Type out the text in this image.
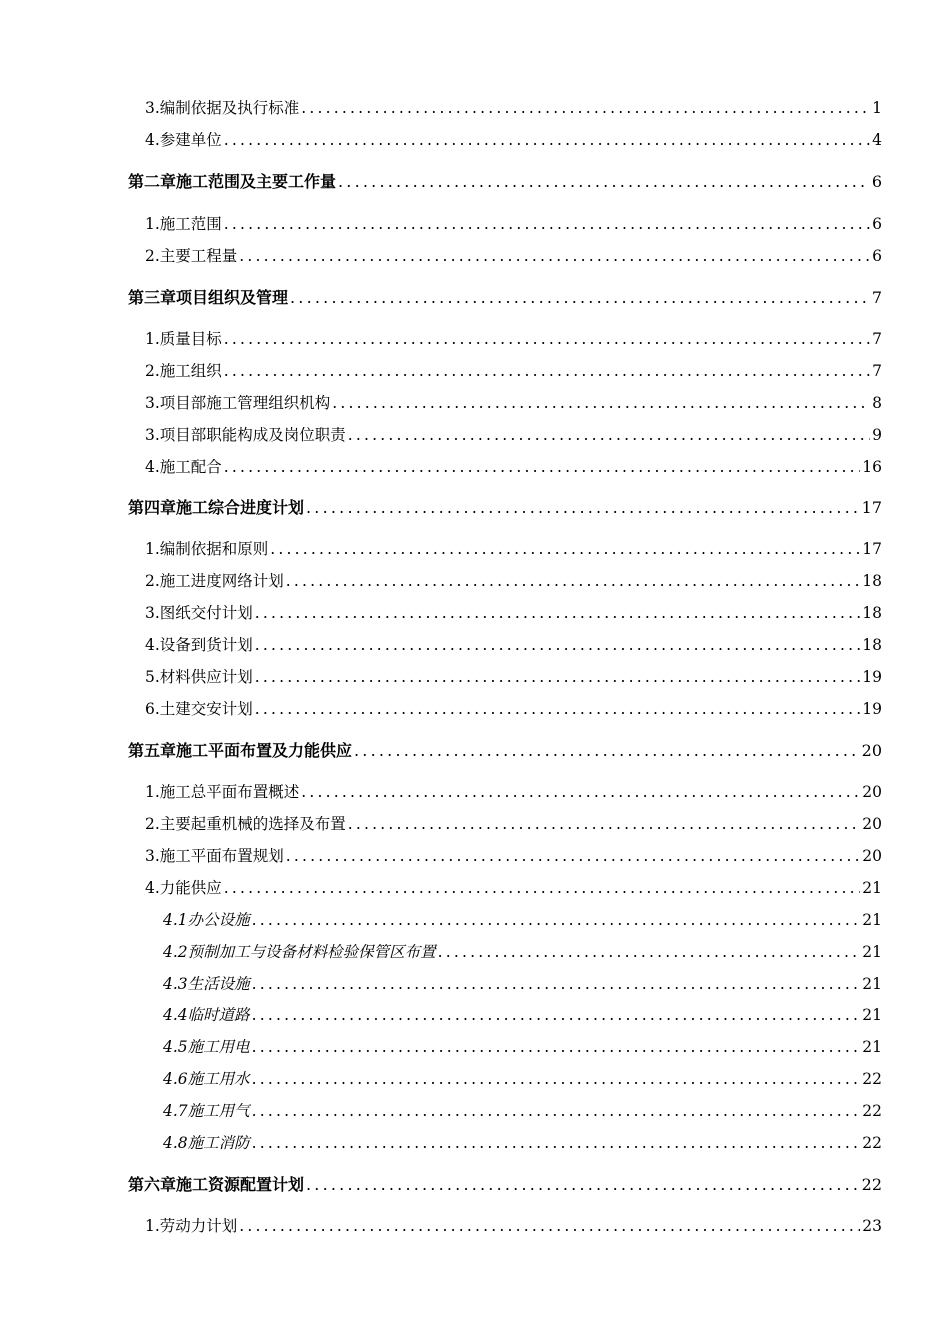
3.编制依据及执行标准 .....	1
4.参建单位 .....	4
第二章施工范围及主要工作量 .....	6
1.施工范围 .....	6
2.主要工程量 .....	6
第三章项目组织及管理 .....	7
1.质量目标 .....	7
2.施工组织 .....	7
3.项目部施工管理组织机构 .....	8
3.项目部职能构成及岗位职责 .....	9
4.施工配合 .....	16
第四章施工综合进度计划 .....	17
1.编制依据和原则 .....	17
2.施工进度网络计划 .....	18
3.图纸交付计划 .....	18
4.设备到货计划 .....	18
5.材料供应计划 .....	19
6.土建交安计划 .....	19
第五章施工平面布置及力能供应 .....	20
1.施工总平面布置概述 .....	20
2.主要起重机械的选择及布置 .....	20
3.施工平面布置规划 .....	20
4.力能供应 .....	21
4.1办公设施 .....	21
4.2预制加工与设备材料检验保管区布置 .....	21
4.3生活设施 .....	21
4.4临时道路 .....	21
4.5施工用电 .....	21
4.6施工用水 .....	22
4.7施工用气 .....	22
4.8施工消防 .....	22
第六章施工资源配置计划 .....	22
1.劳动力计划 .....	23
